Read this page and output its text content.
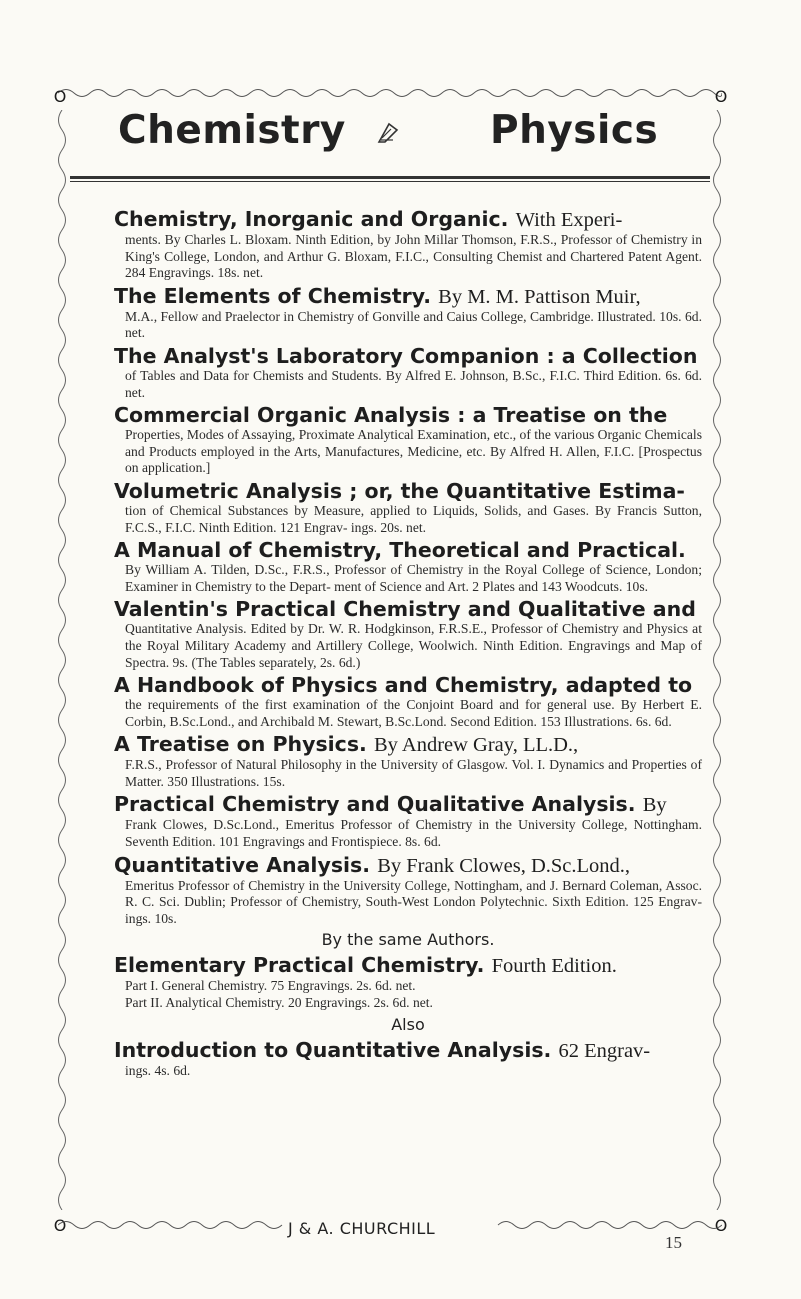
O	O
O	O
Chemistry	Physics
Chemistry, Inorganic and Organic. With Experi-
ments. By Charles L. Bloxam. Ninth Edition, by John Millar Thomson, F.R.S., Professor of Chemistry in King's College, London, and Arthur G. Bloxam, F.I.C., Consulting Chemist and Chartered Patent Agent. 284 Engravings. 18s. net.
The Elements of Chemistry. By M. M. Pattison Muir,
M.A., Fellow and Praelector in Chemistry of Gonville and Caius College, Cambridge. Illustrated. 10s. 6d. net.
The Analyst's Laboratory Companion : a Collection
of Tables and Data for Chemists and Students. By Alfred E. Johnson, B.Sc., F.I.C. Third Edition. 6s. 6d. net.
Commercial Organic Analysis : a Treatise on the
Properties, Modes of Assaying, Proximate Analytical Examination, etc., of the various Organic Chemicals and Products employed in the Arts, Manufactures, Medicine, etc. By Alfred H. Allen, F.I.C. [Prospectus on application.]
Volumetric Analysis ; or, the Quantitative Estima-
tion of Chemical Substances by Measure, applied to Liquids, Solids, and Gases. By Francis Sutton, F.C.S., F.I.C. Ninth Edition. 121 Engrav- ings. 20s. net.
A Manual of Chemistry, Theoretical and Practical.
By William A. Tilden, D.Sc., F.R.S., Professor of Chemistry in the Royal College of Science, London; Examiner in Chemistry to the Depart- ment of Science and Art. 2 Plates and 143 Woodcuts. 10s.
Valentin's Practical Chemistry and Qualitative and
Quantitative Analysis. Edited by Dr. W. R. Hodgkinson, F.R.S.E., Professor of Chemistry and Physics at the Royal Military Academy and Artillery College, Woolwich. Ninth Edition. Engravings and Map of Spectra. 9s. (The Tables separately, 2s. 6d.)
A Handbook of Physics and Chemistry, adapted to
the requirements of the first examination of the Conjoint Board and for general use. By Herbert E. Corbin, B.Sc.Lond., and Archibald M. Stewart, B.Sc.Lond. Second Edition. 153 Illustrations. 6s. 6d.
A Treatise on Physics. By Andrew Gray, LL.D.,
F.R.S., Professor of Natural Philosophy in the University of Glasgow. Vol. I. Dynamics and Properties of Matter. 350 Illustrations. 15s.
Practical Chemistry and Qualitative Analysis. By
Frank Clowes, D.Sc.Lond., Emeritus Professor of Chemistry in the University College, Nottingham. Seventh Edition. 101 Engravings and Frontispiece. 8s. 6d.
Quantitative Analysis. By Frank Clowes, D.Sc.Lond.,
Emeritus Professor of Chemistry in the University College, Nottingham, and J. Bernard Coleman, Assoc. R. C. Sci. Dublin; Professor of Chemistry, South-West London Polytechnic. Sixth Edition. 125 Engrav- ings. 10s.
By the same Authors.
Elementary Practical Chemistry. Fourth Edition.
Part I. General Chemistry. 75 Engravings. 2s. 6d. net.
Part II. Analytical Chemistry. 20 Engravings. 2s. 6d. net.
Also
Introduction to Quantitative Analysis. 62 Engrav-
ings. 4s. 6d.
J & A. CHURCHILL
15
